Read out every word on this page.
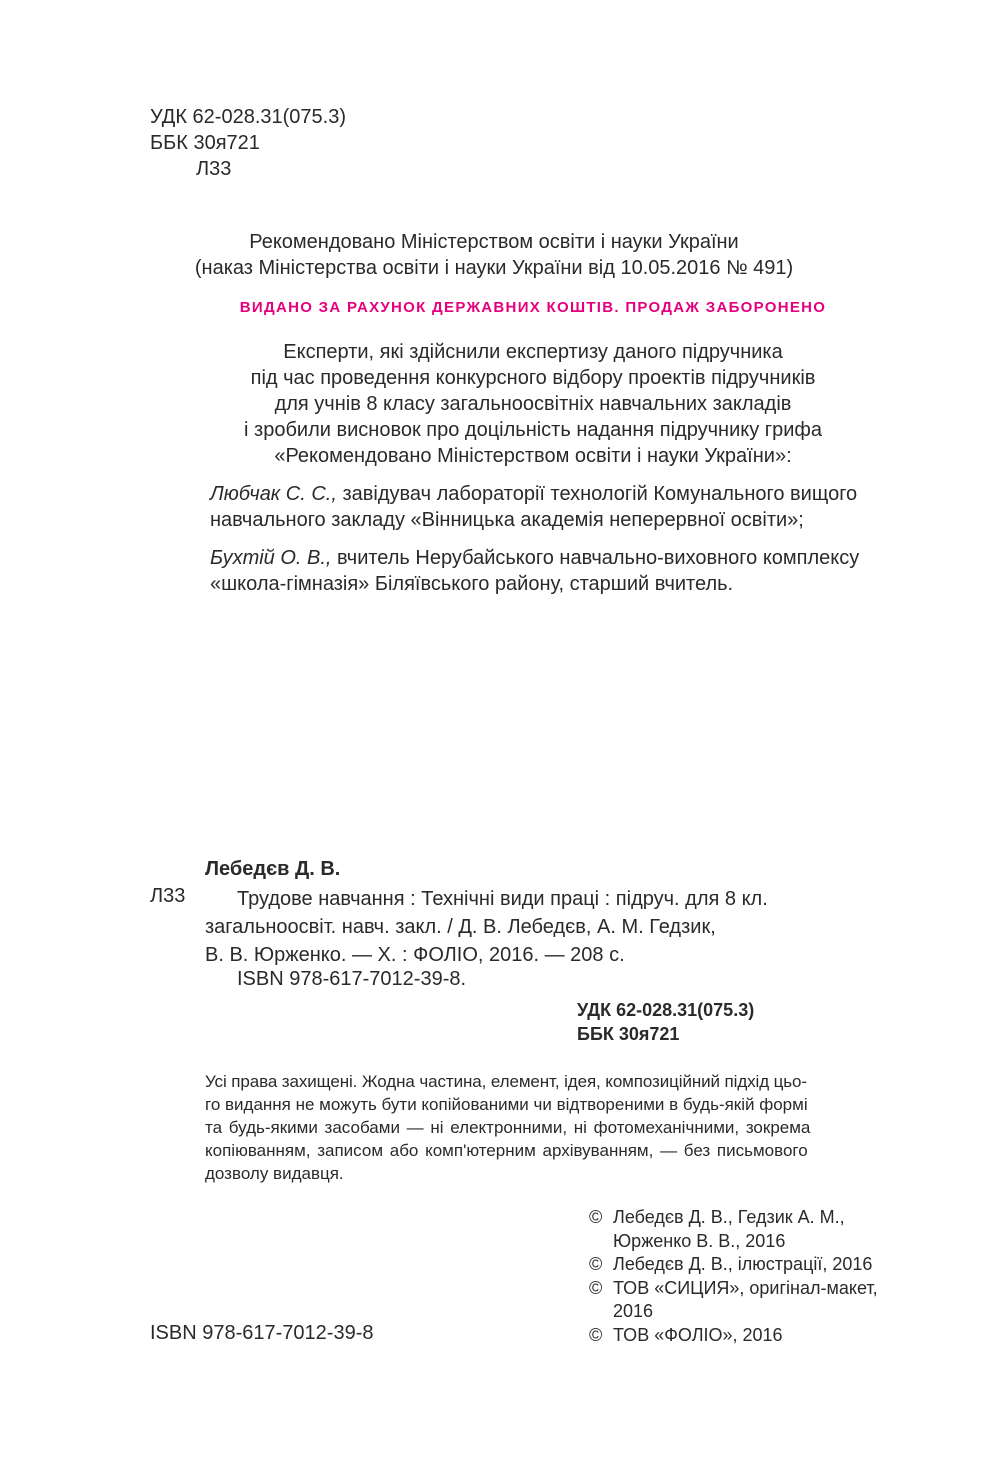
УДК 62-028.31(075.3)
ББК 30я721
Л33
Рекомендовано Міністерством освіти і науки України
(наказ Міністерства освіти і науки України від 10.05.2016 № 491)
ВИДАНО ЗА РАХУНОК ДЕРЖАВНИХ КОШТІВ. ПРОДАЖ ЗАБОРОНЕНО
Експерти, які здійснили експертизу даного підручника
під час проведення конкурсного відбору проектів підручників
для учнів 8 класу загальноосвітніх навчальних закладів
і зробили висновок про доцільність надання підручнику грифа
«Рекомендовано Міністерством освіти і науки України»:
Любчак С. С., завідувач лабораторії технологій Комунального вищого
навчального закладу «Вінницька академія неперервної освіти»;
Бухтій О. В., вчитель Нерубайського навчально-виховного комплексу
«школа-гімназія» Біляївського району, старший вчитель.
Лебедєв Д. В.
Л33	Трудове навчання : Технічні види праці : підруч. для 8 кл.
загальноосвіт. навч. закл. / Д. В. Лебедєв, А. М. Гедзик,
В. В. Юрженко. — Х. : ФОЛІО, 2016. — 208 с.
ISBN 978-617-7012-39-8.
УДК 62-028.31(075.3)
ББК 30я721
Усі права захищені. Жодна частина, елемент, ідея, композиційний підхід цьо-
го видання не можуть бути копійованими чи відтвореними в будь-якій формі
та будь-якими засобами — ні електронними, ні фотомеханічними, зокрема
копіюванням, записом або комп'ютерним архівуванням, — без письмового
дозволу видавця.
© Лебедєв Д. В., Гедзик А. М.,
Юрженко В. В., 2016
© Лебедєв Д. В., ілюстрації, 2016
© ТОВ «СИЦИЯ», оригінал-макет,
2016
© ТОВ «ФОЛІО», 2016
ISBN 978-617-7012-39-8
